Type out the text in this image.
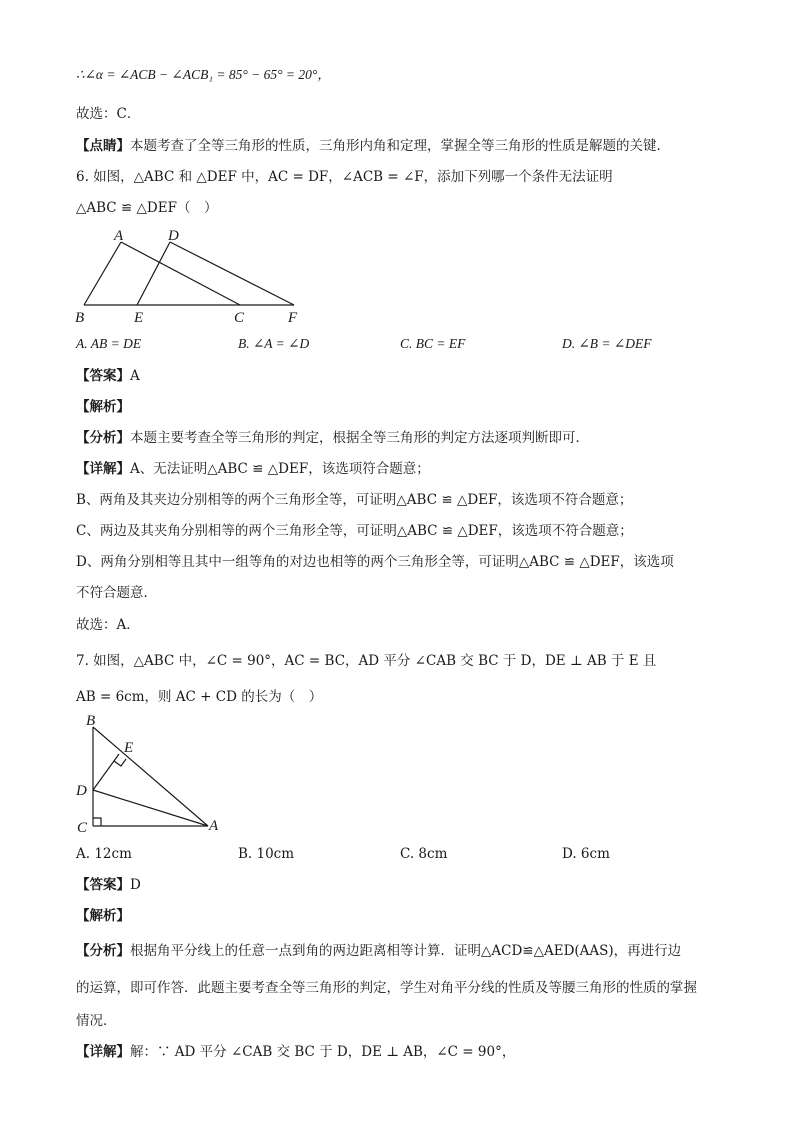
∴∠α = ∠ACB − ∠ACB₁ = 85° − 65° = 20°，
故选：C．
【点睛】本题考查了全等三角形的性质，三角形内角和定理，掌握全等三角形的性质是解题的关键．
6. 如图，△ABC 和 △DEF 中，AC = DF，∠ACB = ∠F，添加下列哪一个条件无法证明
△ABC ≌ △DEF（　）
A	D
B	E	C	F
A. AB = DE	B. ∠A = ∠D	C. BC = EF	D. ∠B = ∠DEF
【答案】A
【解析】
【分析】本题主要考查全等三角形的判定，根据全等三角形的判定方法逐项判断即可．
【详解】A、无法证明△ABC ≌ △DEF，该选项符合题意；
B、两角及其夹边分别相等的两个三角形全等，可证明△ABC ≌ △DEF，该选项不符合题意；
C、两边及其夹角分别相等的两个三角形全等，可证明△ABC ≌ △DEF，该选项不符合题意；
D、两角分别相等且其中一组等角的对边也相等的两个三角形全等，可证明△ABC ≌ △DEF，该选项
不符合题意．
故选：A．
7. 如图，△ABC 中，∠C = 90°，AC = BC，AD 平分 ∠CAB 交 BC 于 D，DE ⊥ AB 于 E 且
AB = 6cm，则 AC + CD 的长为（　）
B
E
D
C	A
A. 12cm	B. 10cm	C. 8cm	D. 6cm
【答案】D
【解析】
【分析】根据角平分线上的任意一点到角的两边距离相等计算．证明△ACD≌△AED(AAS)，再进行边
的运算，即可作答．此题主要考查全等三角形的判定，学生对角平分线的性质及等腰三角形的性质的掌握
情况．
【详解】解：∵ AD 平分 ∠CAB 交 BC 于 D，DE ⊥ AB，∠C = 90°，
